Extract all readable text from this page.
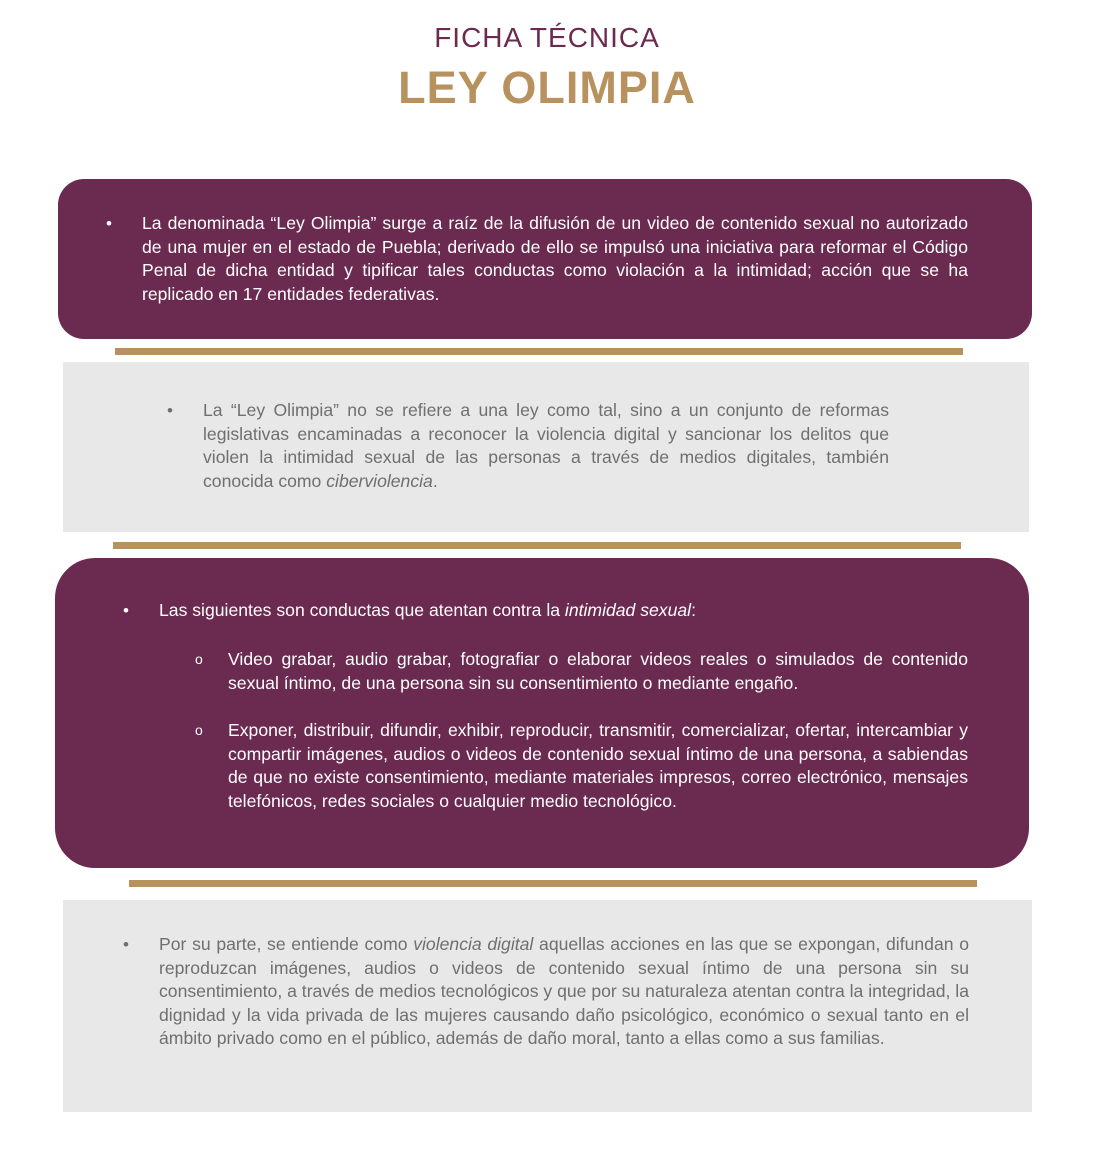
FICHA TÉCNICA
LEY OLIMPIA
• La denominada “Ley Olimpia” surge a raíz de la difusión de un video de contenido sexual no autorizado de una mujer en el estado de Puebla; derivado de ello se impulsó una iniciativa para reformar el Código Penal de dicha entidad y tipificar tales conductas como violación a la intimidad; acción que se ha replicado en 17 entidades federativas.

• La “Ley Olimpia” no se refiere a una ley como tal, sino a un conjunto de reformas legislativas encaminadas a reconocer la violencia digital y sancionar los delitos que violen la intimidad sexual de las personas a través de medios digitales, también conocida como ciberviolencia.

• Las siguientes son conductas que atentan contra la intimidad sexual:

o Video grabar, audio grabar, fotografiar o elaborar videos reales o simulados de contenido sexual íntimo, de una persona sin su consentimiento o mediante engaño.

o Exponer, distribuir, difundir, exhibir, reproducir, transmitir, comercializar, ofertar, intercambiar y compartir imágenes, audios o videos de contenido sexual íntimo de una persona, a sabiendas de que no existe consentimiento, mediante materiales impresos, correo electrónico, mensajes telefónicos, redes sociales o cualquier medio tecnológico.

• Por su parte, se entiende como violencia digital aquellas acciones en las que se expongan, difundan o reproduzcan imágenes, audios o videos de contenido sexual íntimo de una persona sin su consentimiento, a través de medios tecnológicos y que por su naturaleza atentan contra la integridad, la dignidad y la vida privada de las mujeres causando daño psicológico, económico o sexual tanto en el ámbito privado como en el público, además de daño moral, tanto a ellas como a sus familias.
